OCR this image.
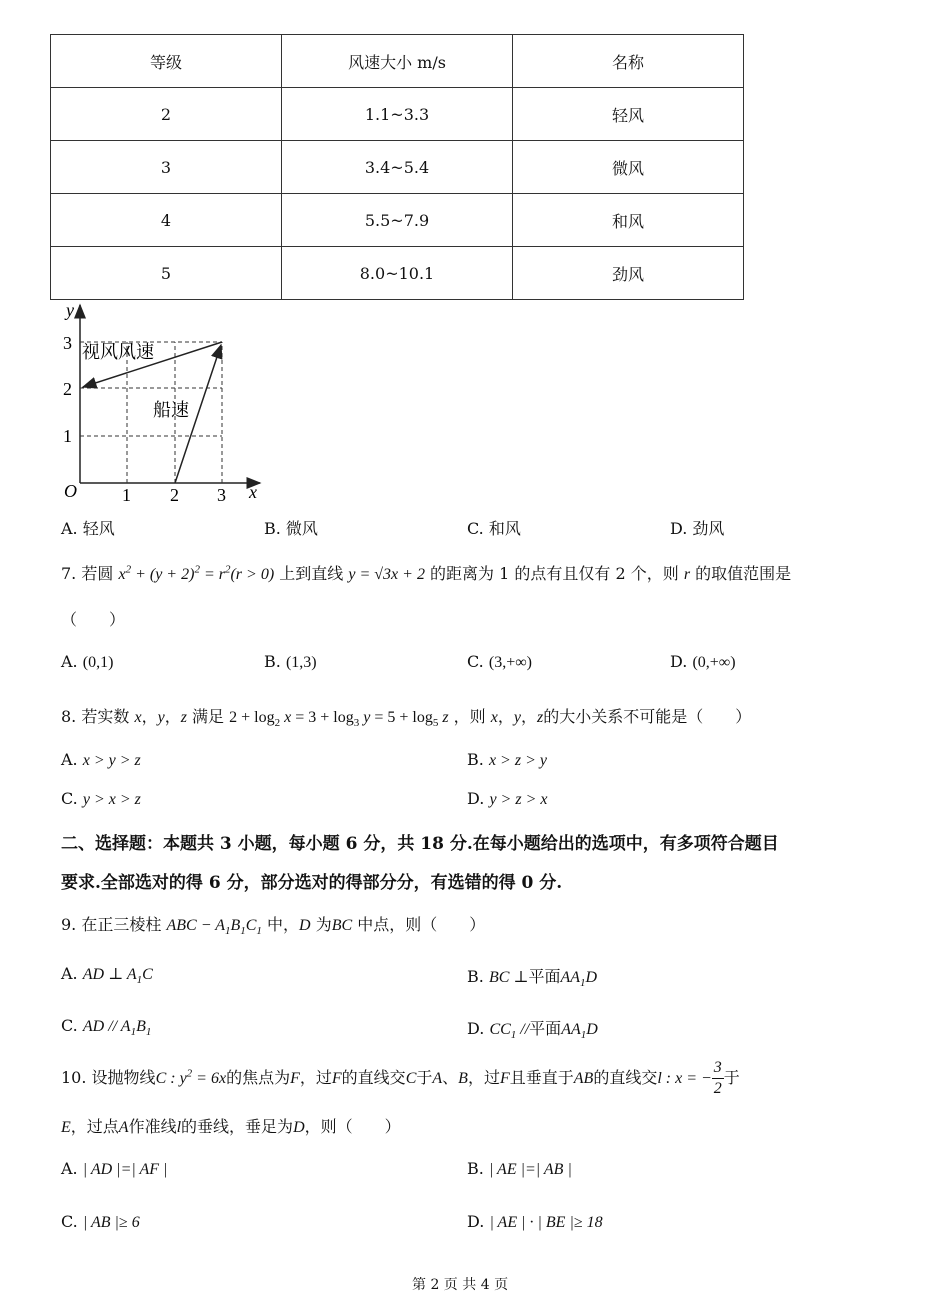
等级	风速大小 m/s	名称
2	1.1~3.3	轻风
3	3.4~5.4	微风
4	5.5~7.9	和风
5	8.0~10.1	劲风
y
x
O	1 2 3
1
2
3 视风风速
船速
A. 轻风	B. 微风	C. 和风	D. 劲风
7. 若圆 $x^2 + (y + 2)^2 = r^2(r > 0)$ 上到直线 y = √3x + 2 的距离为 1 的点有且仅有 2 个，则 r 的取值范围是
（　　）
A. (0,1)	B. (1,3)	C. (3,+∞)	D. (0,+∞)
8. 若实数 x，y，z 满足 $2 + \log_2 x = 3 + \log_3 y = 5 + \log_5 z$ ，则 x，y，z的大小关系不可能是（　　）
A. x > y > z	B. x > z > y
C. y > x > z	D. y > z > x
二、选择题：本题共 3 小题，每小题 6 分，共 18 分.在每小题给出的选项中，有多项符合题目
要求.全部选对的得 6 分，部分选对的得部分分，有选错的得 0 分.
9. 在正三棱柱 ABC − $A_1B_1C_1$ 中，D 为BC 中点，则（　　）
A. AD ⊥ $A_1C$	B. BC ⊥平面$AA_1D$
C. AD // $A_1B_1$	D. $CC_1$ //平面$AA_1D$
10. 设抛物线C : $y^2 = 6x$的焦点为F，过F的直线交C于A、B，过F且垂直于AB的直线交l : x = − $\frac{3}{2}$ 于
E，过点A作准线l的垂线，垂足为D，则（　　）
A. | AD |=| AF |	B. | AE |=| AB |
C. | AB |≥ 6	D. | AE | · | BE |≥ 18
第 2 页 共 4 页
